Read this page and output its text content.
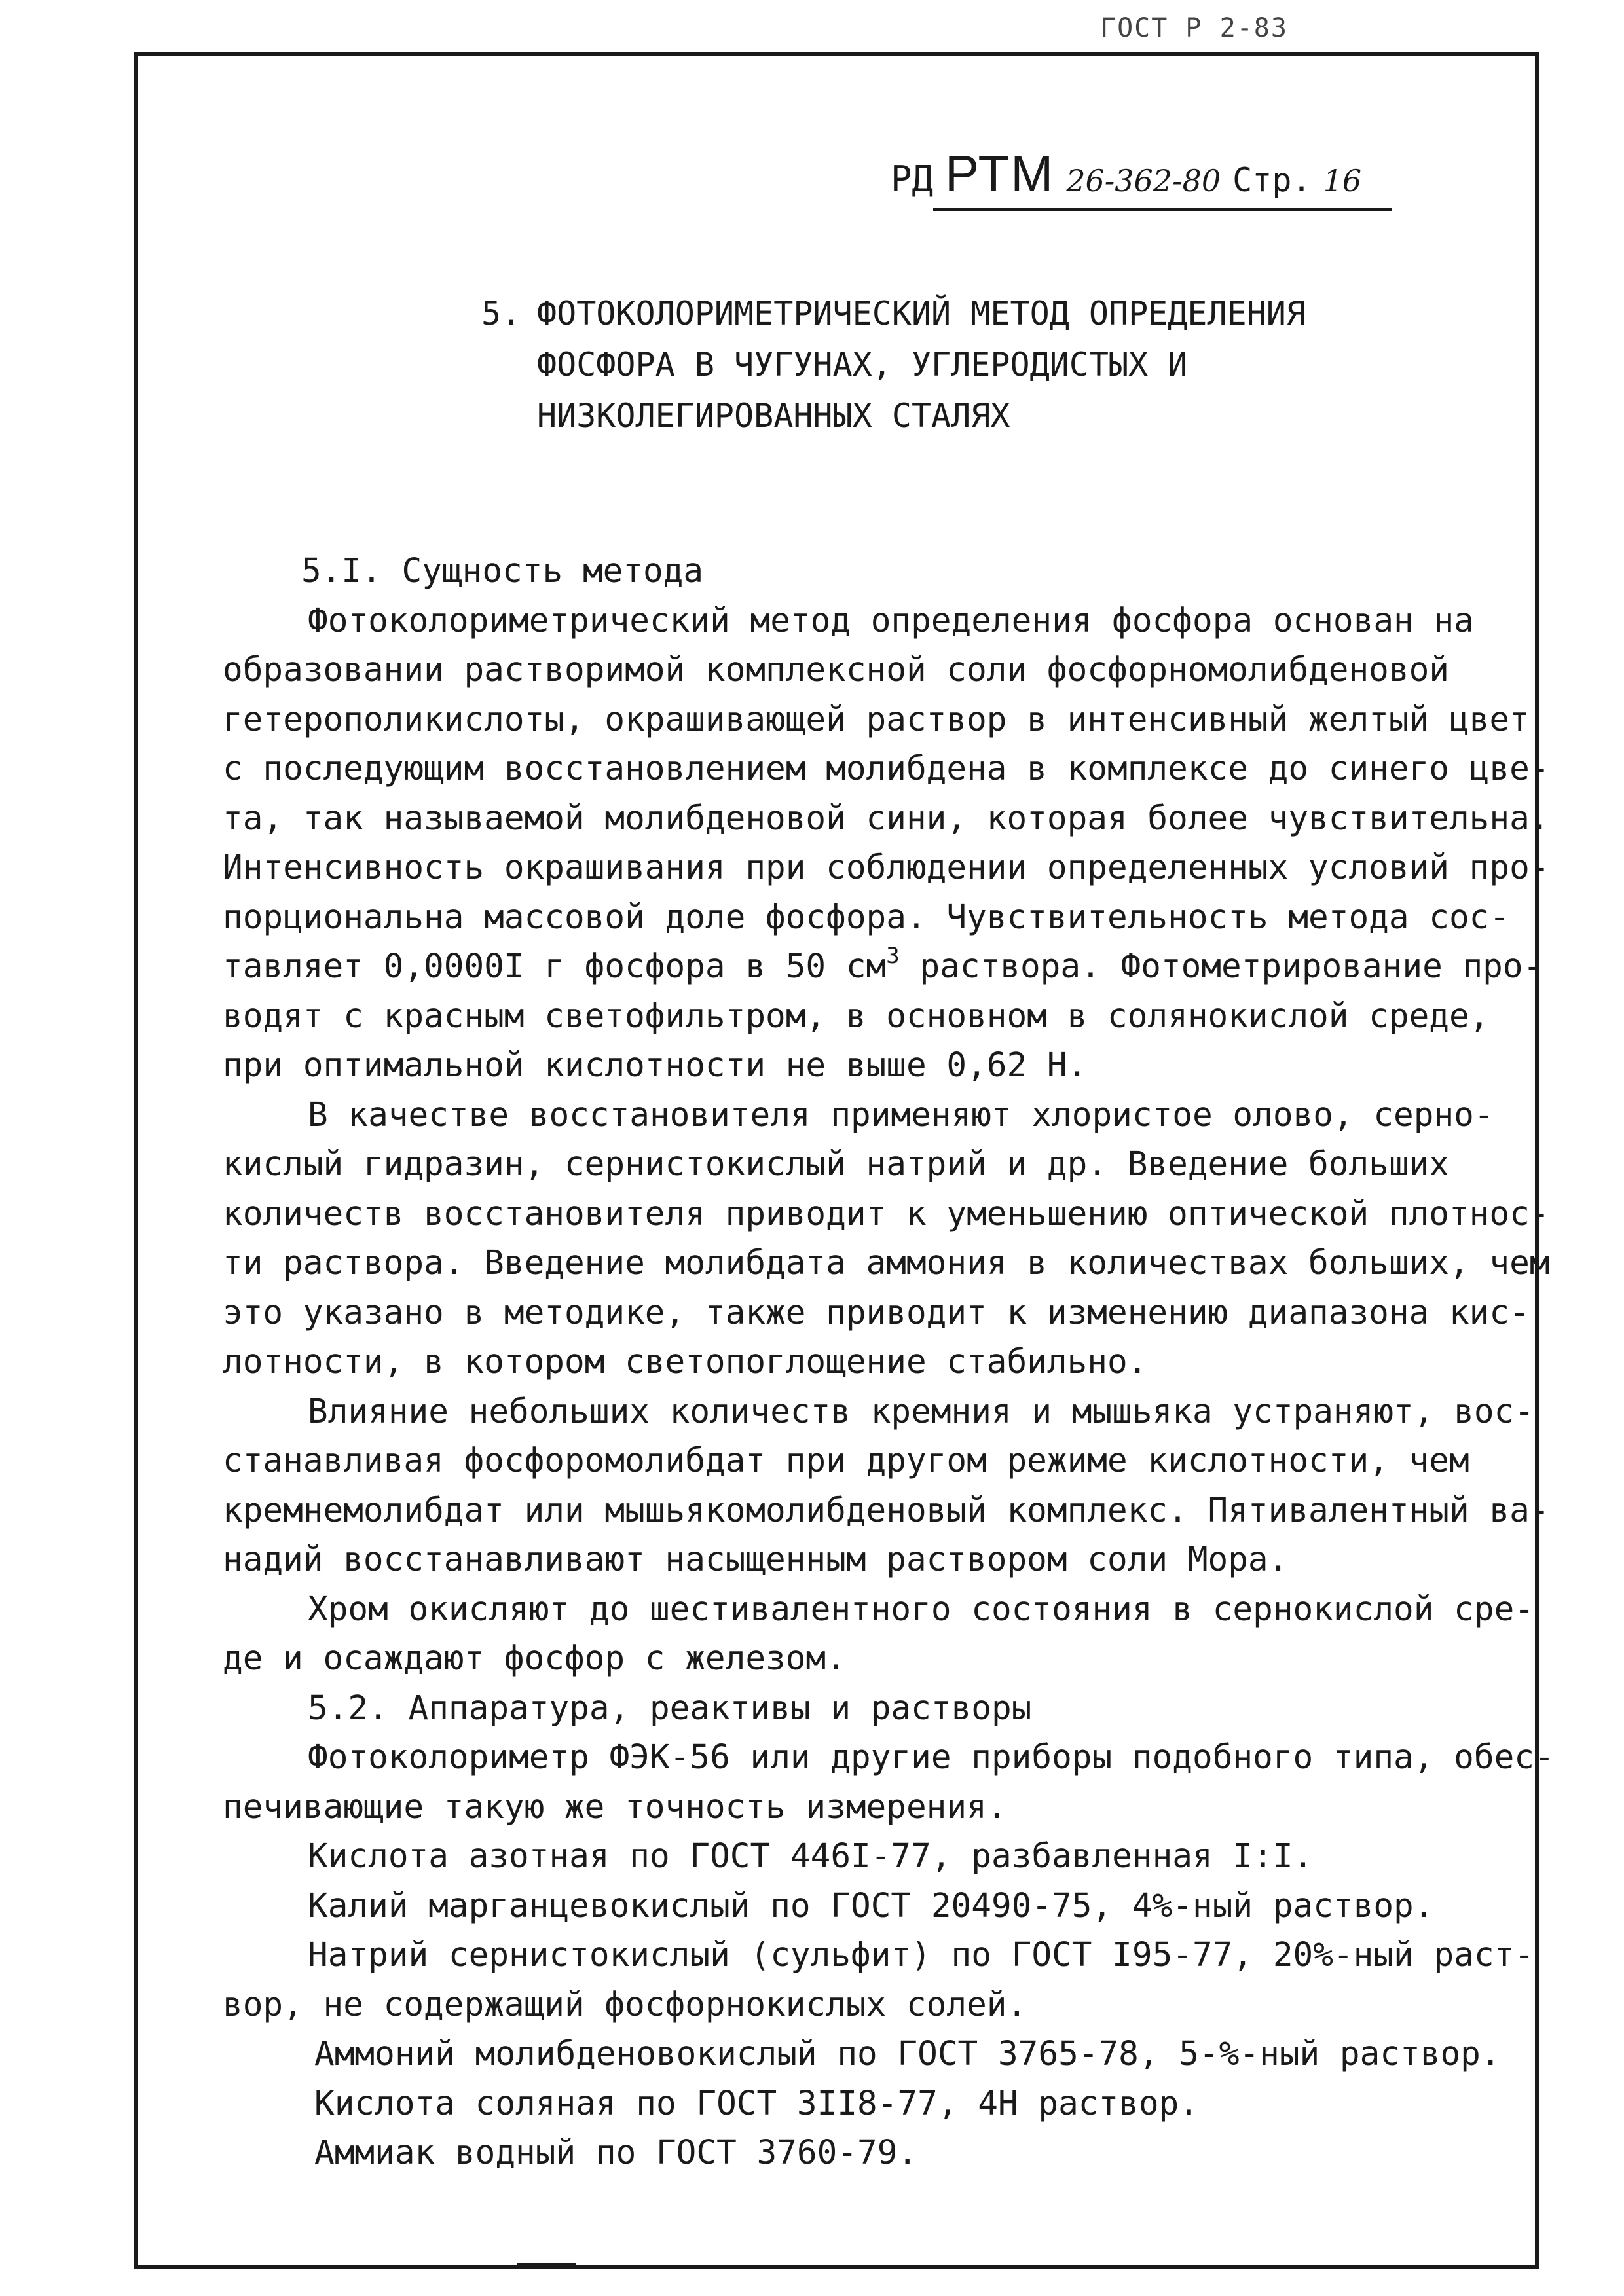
ГОСТ Р 2-83
РД РТМ 26-362-80 Стр. 16
5. ФОТОКОЛОРИМЕТРИЧЕСКИЙ МЕТОД ОПРЕДЕЛЕНИЯ
ФОСФОРА В ЧУГУНАХ, УГЛЕРОДИСТЫХ И
НИЗКОЛЕГИРОВАННЫХ СТАЛЯХ
5.I. Сущность метода
Фотоколориметрический метод определения фосфора основан на
образовании растворимой комплексной соли фосфорномолибденовой
гетерополикислоты, окрашивающей раствор в интенсивный желтый цвет
с последующим восстановлением молибдена в комплексе до синего цве-
та, так называемой молибденовой сини, которая более чувствительна.
Интенсивность окрашивания при соблюдении определенных условий про-
порциональна массовой доле фосфора. Чувствительность метода сос-
тавляет 0,0000I г фосфора в 50 $см^3$ раствора. Фотометрирование про-
водят с красным светофильтром, в основном в солянокислой среде,
при оптимальной кислотности не выше 0,62 Н.
В качестве восстановителя применяют хлористое олово, серно-
кислый гидразин, сернистокислый натрий и др. Введение больших
количеств восстановителя приводит к уменьшению оптической плотнос-
ти раствора. Введение молибдата аммония в количествах больших, чем
это указано в методике, также приводит к изменению диапазона кис-
лотности, в котором светопоглощение стабильно.
Влияние небольших количеств кремния и мышьяка устраняют, вос-
станавливая фосфоромолибдат при другом режиме кислотности, чем
кремнемолибдат или мышьякомолибденовый комплекс. Пятивалентный ва-
надий восстанавливают насыщенным раствором соли Мора.
Хром окисляют до шестивалентного состояния в сернокислой сре-
де и осаждают фосфор с железом.
5.2. Аппаратура, реактивы и растворы
Фотоколориметр ФЭК-56 или другие приборы подобного типа, обес-
печивающие такую же точность измерения.
Кислота азотная по ГОСТ 446I-77, разбавленная I:I.
Калий марганцевокислый по ГОСТ 20490-75, 4%-ный раствор.
Натрий сернистокислый (сульфит) по ГОСТ I95-77, 20%-ный раст-
вор, не содержащий фосфорнокислых солей.
Аммоний молибденовокислый по ГОСТ 3765-78, 5-%-ный раствор.
Кислота соляная по ГОСТ 3II8-77, 4Н раствор.
Аммиак водный по ГОСТ 3760-79.
